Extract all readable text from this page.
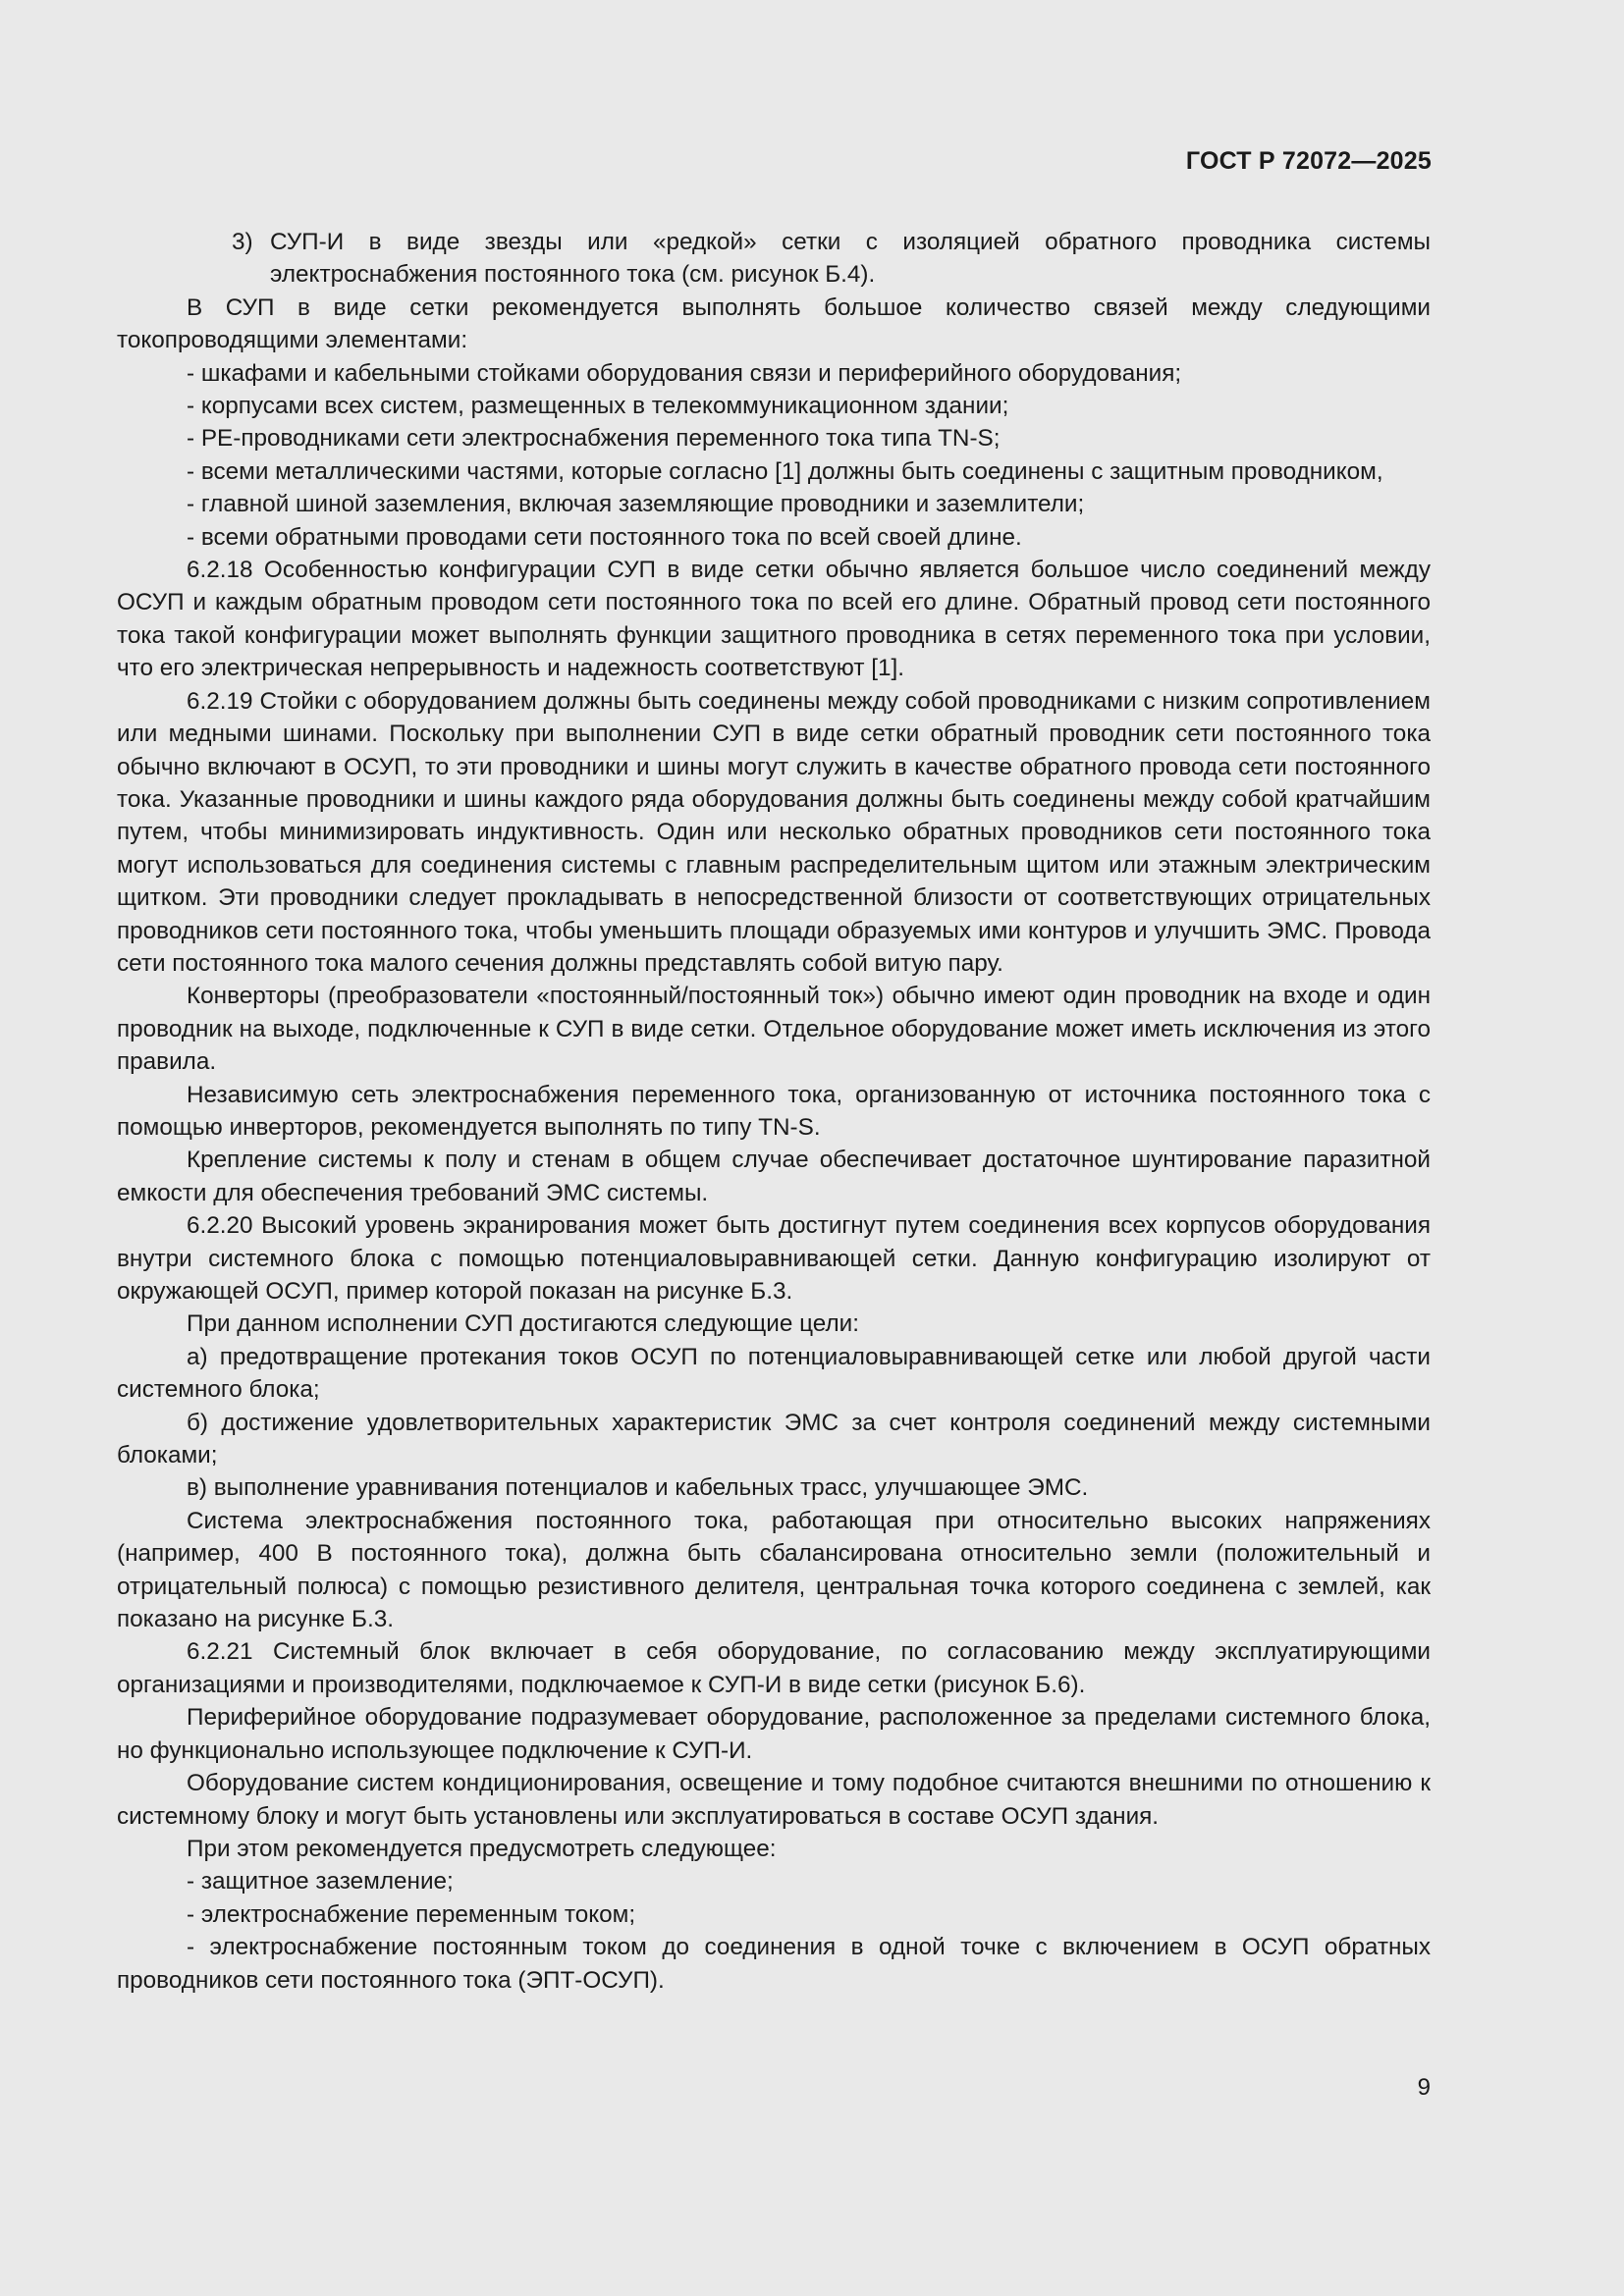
ГОСТ Р 72072—2025
3) СУП-И в виде звезды или «редкой» сетки с изоляцией обратного проводника системы электроснабжения постоянного тока (см. рисунок Б.4).

В СУП в виде сетки рекомендуется выполнять большое количество связей между следующими токопроводящими элементами:

- шкафами и кабельными стойками оборудования связи и периферийного оборудования;

- корпусами всех систем, размещенных в телекоммуникационном здании;

- PE-проводниками сети электроснабжения переменного тока типа TN-S;

- всеми металлическими частями, которые согласно [1] должны быть соединены с защитным проводником,

- главной шиной заземления, включая заземляющие проводники и заземлители;

- всеми обратными проводами сети постоянного тока по всей своей длине.

6.2.18 Особенностью конфигурации СУП в виде сетки обычно является большое число соединений между ОСУП и каждым обратным проводом сети постоянного тока по всей его длине. Обратный провод сети постоянного тока такой конфигурации может выполнять функции защитного проводника в сетях переменного тока при условии, что его электрическая непрерывность и надежность соответствуют [1].

6.2.19 Стойки с оборудованием должны быть соединены между собой проводниками с низким сопротивлением или медными шинами. Поскольку при выполнении СУП в виде сетки обратный проводник сети постоянного тока обычно включают в ОСУП, то эти проводники и шины могут служить в качестве обратного провода сети постоянного тока. Указанные проводники и шины каждого ряда оборудования должны быть соединены между собой кратчайшим путем, чтобы минимизировать индуктивность. Один или несколько обратных проводников сети постоянного тока могут использоваться для соединения системы с главным распределительным щитом или этажным электрическим щитком. Эти проводники следует прокладывать в непосредственной близости от соответствующих отрицательных проводников сети постоянного тока, чтобы уменьшить площади образуемых ими контуров и улучшить ЭМС. Провода сети постоянного тока малого сечения должны представлять собой витую пару.

Конверторы (преобразователи «постоянный/постоянный ток») обычно имеют один проводник на входе и один проводник на выходе, подключенные к СУП в виде сетки. Отдельное оборудование может иметь исключения из этого правила.

Независимую сеть электроснабжения переменного тока, организованную от источника постоянного тока с помощью инверторов, рекомендуется выполнять по типу TN-S.

Крепление системы к полу и стенам в общем случае обеспечивает достаточное шунтирование паразитной емкости для обеспечения требований ЭМС системы.

6.2.20 Высокий уровень экранирования может быть достигнут путем соединения всех корпусов оборудования внутри системного блока с помощью потенциаловыравнивающей сетки. Данную конфигурацию изолируют от окружающей ОСУП, пример которой показан на рисунке Б.3.

При данном исполнении СУП достигаются следующие цели:

а) предотвращение протекания токов ОСУП по потенциаловыравнивающей сетке или любой другой части системного блока;

б) достижение удовлетворительных характеристик ЭМС за счет контроля соединений между системными блоками;

в) выполнение уравнивания потенциалов и кабельных трасс, улучшающее ЭМС.

Система электроснабжения постоянного тока, работающая при относительно высоких напряжениях (например, 400 В постоянного тока), должна быть сбалансирована относительно земли (положительный и отрицательный полюса) с помощью резистивного делителя, центральная точка которого соединена с землей, как показано на рисунке Б.3.

6.2.21 Системный блок включает в себя оборудование, по согласованию между эксплуатирующими организациями и производителями, подключаемое к СУП-И в виде сетки (рисунок Б.6).

Периферийное оборудование подразумевает оборудование, расположенное за пределами системного блока, но функционально использующее подключение к СУП-И.

Оборудование систем кондиционирования, освещение и тому подобное считаются внешними по отношению к системному блоку и могут быть установлены или эксплуатироваться в составе ОСУП здания.

При этом рекомендуется предусмотреть следующее:

- защитное заземление;

- электроснабжение переменным током;

- электроснабжение постоянным током до соединения в одной точке с включением в ОСУП обратных проводников сети постоянного тока (ЭПТ-ОСУП).

9
